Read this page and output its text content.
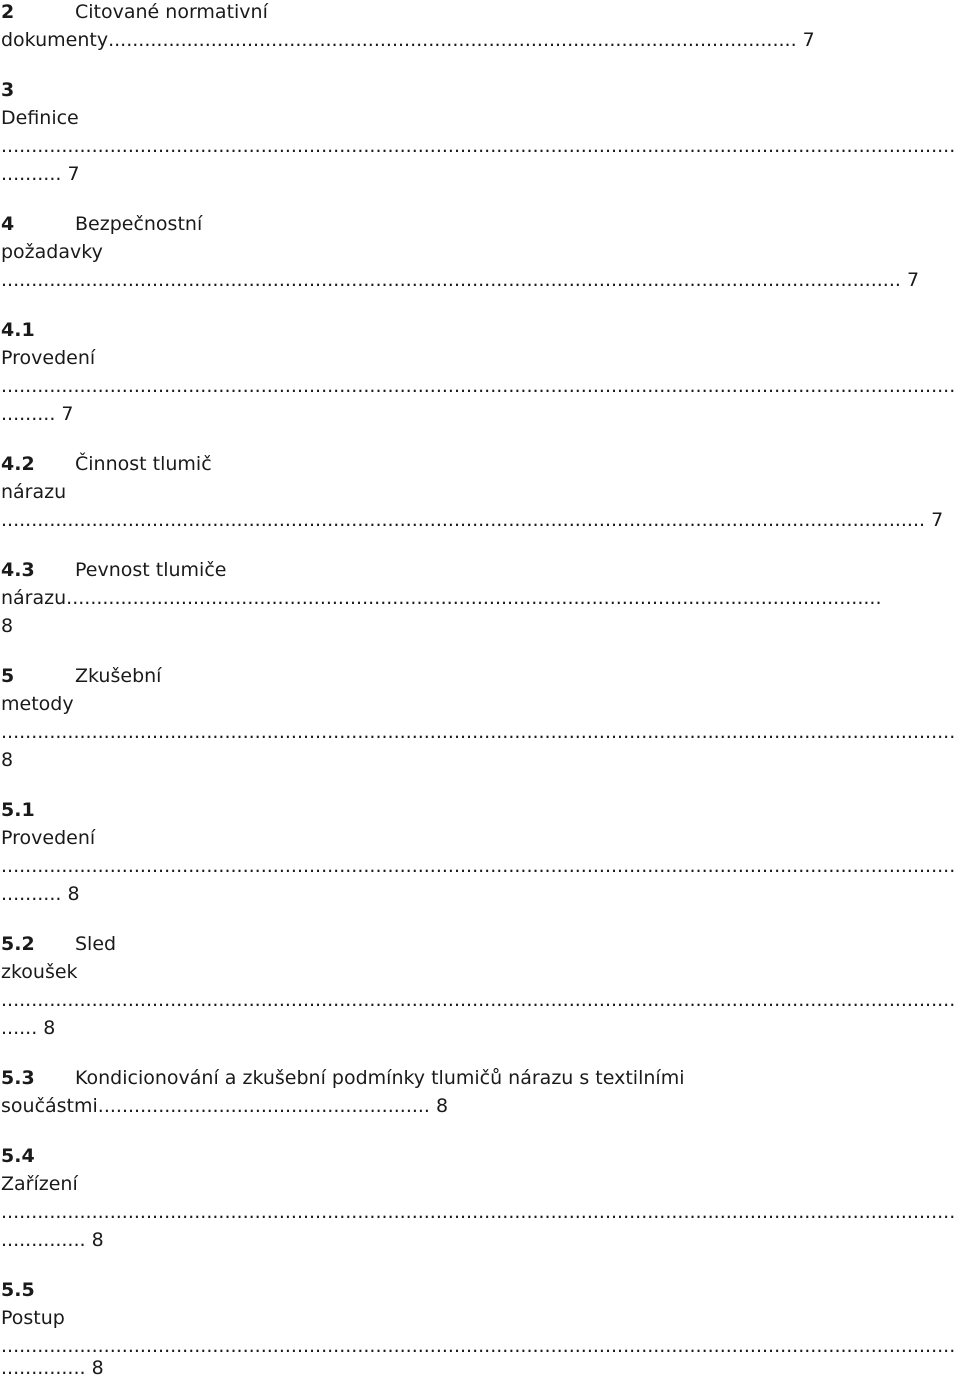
2	Citované normativní
dokumenty.................................................................................................................. 7
3
Definice
..............................................................................................................................................................
.......... 7
4	Bezpečnostní
požadavky
..................................................................................................................................................... 7
4.1
Provedení
..............................................................................................................................................................
......... 7
4.2 Činnost tlumič
nárazu
......................................................................................................................................................... 7
4.3 Pevnost tlumiče
nárazu.......................................................................................................................................
8
5	Zkušební
metody
..............................................................................................................................................................
8
5.1
Provedení
..............................................................................................................................................................
.......... 8
5.2 Sled
zkoušek
..............................................................................................................................................................
...... 8
5.3 Kondicionování a zkušební podmínky tlumičů nárazu s textilními
součástmi....................................................... 8
5.4
Zařízení
..............................................................................................................................................................
.............. 8
5.5
Postup
..............................................................................................................................................................
.............. 8
